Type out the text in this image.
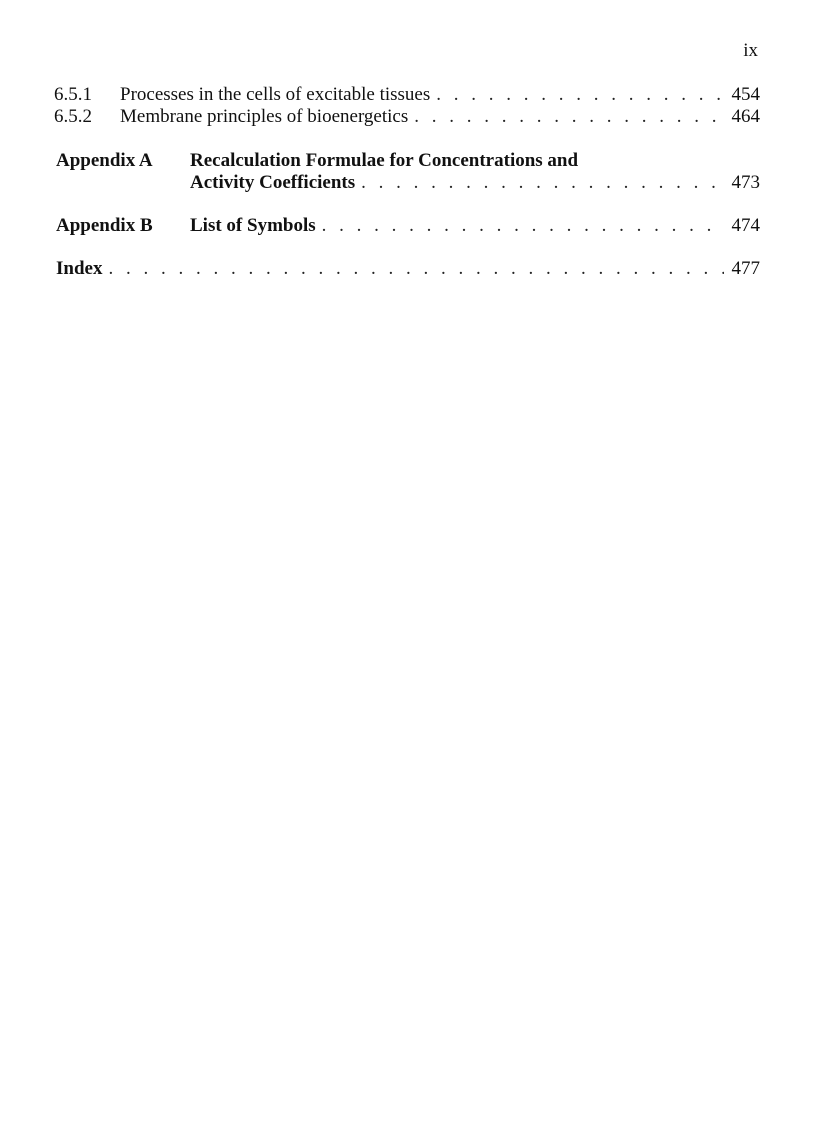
ix
6.5.1	Processes in the cells of excitable tissues . . .	454
6.5.2	Membrane principles of bioenergetics . . .	464
Appendix A	Recalculation Formulae for Concentrations and
Activity Coefficients . . .	473
Appendix B	List of Symbols . . .	474
Index . . .	477
